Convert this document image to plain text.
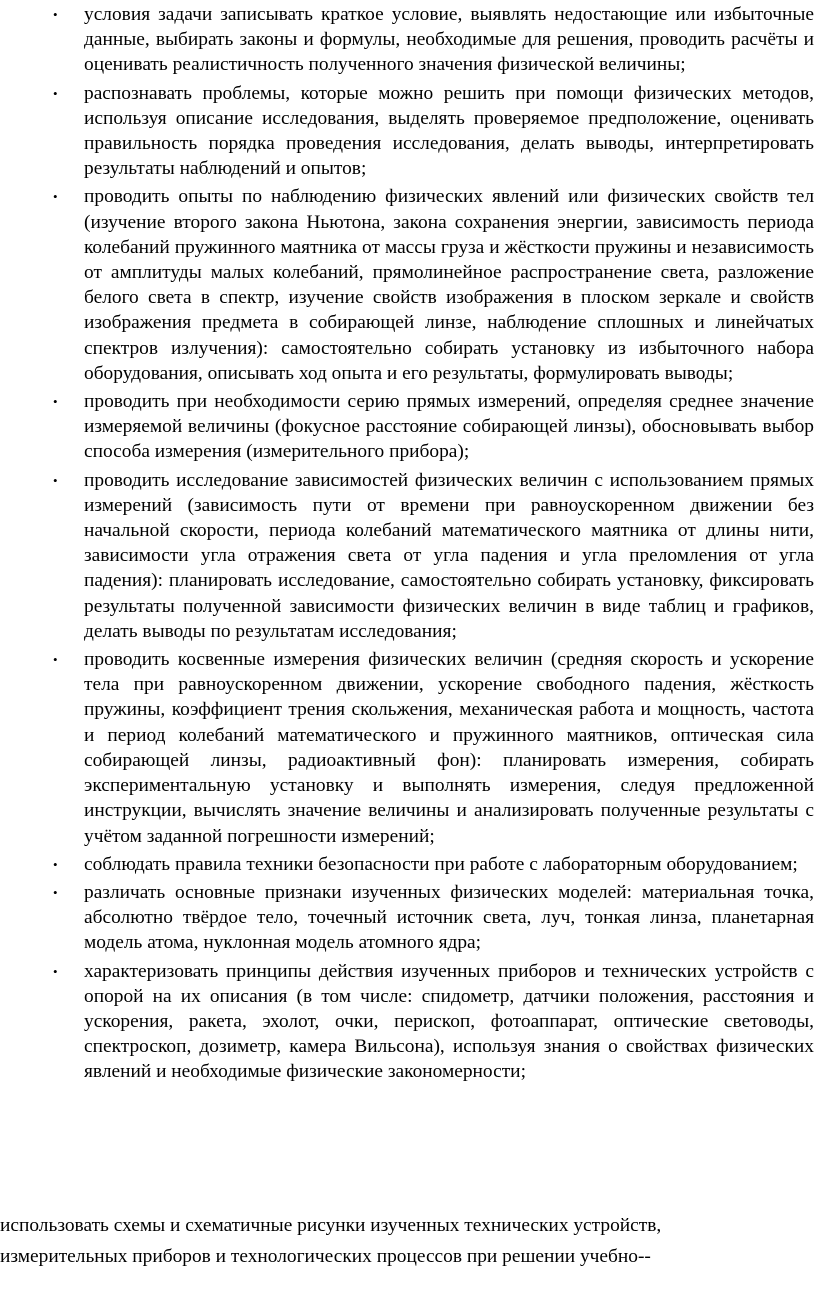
•	условия задачи записывать краткое условие, выявлять недостающие или избыточные данные, выбирать законы и формулы, необходимые для решения, проводить расчёты и оценивать реалистичность полученного значения физической величины;
•	распознавать проблемы, которые можно решить при помощи физических методов, используя описание исследования, выделять проверяемое предположение, оценивать правильность порядка проведения исследования, делать выводы, интерпретировать результаты наблюдений и опытов;
•	проводить опыты по наблюдению физических явлений или физических свойств тел (изучение второго закона Ньютона, закона сохранения энергии, зависимость периода колебаний пружинного маятника от массы груза и жёсткости пружины и независимость от амплитуды малых колебаний, прямолинейное распространение света, разложение белого света в спектр, изучение свойств изображения в плоском зеркале и свойств изображения предмета в собирающей линзе, наблюдение сплошных и линейчатых спектров излучения): самостоятельно собирать установку из избыточного набора оборудования, описывать ход опыта и его результаты, формулировать выводы;
•	проводить при необходимости серию прямых измерений, определяя среднее значение измеряемой величины (фокусное расстояние собирающей линзы), обосновывать выбор способа измерения (измерительного прибора);
•	проводить исследование зависимостей физических величин с использованием прямых измерений (зависимость пути от времени при равноускоренном движении без начальной скорости, периода колебаний математического маятника от длины нити, зависимости угла отражения света от угла падения и угла преломления от угла падения): планировать исследование, самостоятельно собирать установку, фиксировать результаты полученной зависимости физических величин в виде таблиц и графиков, делать выводы по результатам исследования;
•	проводить косвенные измерения физических величин (средняя скорость и ускорение тела при равноускоренном движении, ускорение свободного падения, жёсткость пружины, коэффициент трения скольжения, механическая работа и мощность, частота и период колебаний математического и пружинного маятников, оптическая сила собирающей линзы, радиоактивный фон): планировать измерения, собирать экспериментальную установку и выполнять измерения, следуя предложенной инструкции, вычислять значение величины и анализировать полученные результаты с учётом заданной погрешности измерений;
•	соблюдать правила техники безопасности при работе с лабораторным оборудованием;
•	различать основные признаки изученных физических моделей: материальная точка, абсолютно твёрдое тело, точечный источник света, луч, тонкая линза, планетарная модель атома, нуклонная модель атомного ядра;
•	характеризовать принципы действия изученных приборов и технических устройств с опорой на их описания (в том числе: спидометр, датчики положения, расстояния и ускорения, ракета, эхолот, очки, перископ, фотоаппарат, оптические световоды, спектроскоп, дозиметр, камера Вильсона), используя знания о свойствах физических явлений и необходимые физические закономерности;
использовать схемы и схематичные рисунки изученных технических устройств,
измерительных приборов и технологических процессов при решении учебно--
